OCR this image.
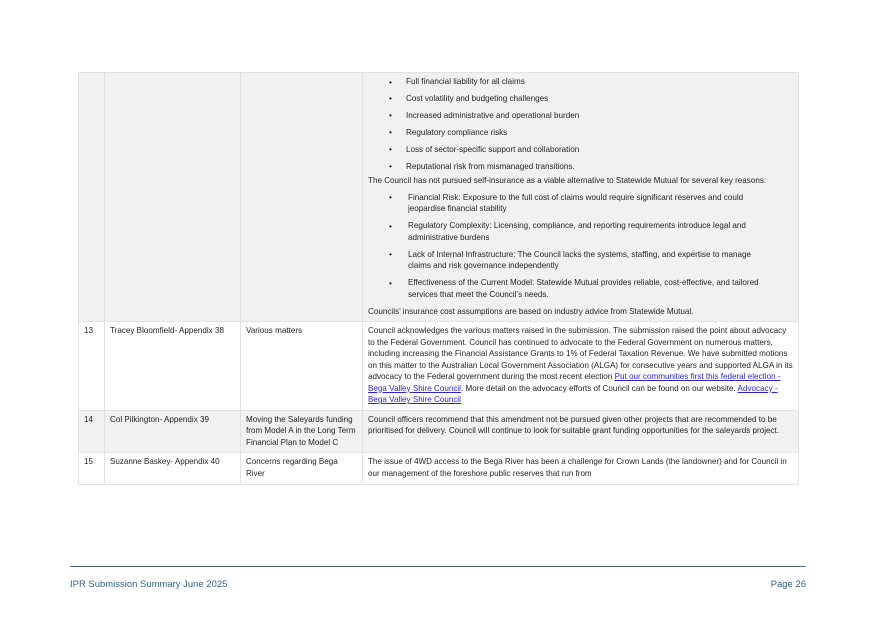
• Full financial liability for all claims
• Cost volatility and budgeting challenges
• Increased administrative and operational burden
• Regulatory compliance risks
• Loss of sector-specific support and collaboration
• Reputational risk from mismanaged transitions.

The Council has not pursued self-insurance as a viable alternative to Statewide Mutual for several key reasons:

• Financial Risk: Exposure to the full cost of claims would require significant reserves and could jeopardise financial stability
• Regulatory Complexity: Licensing, compliance, and reporting requirements introduce legal and administrative burdens
• Lack of Internal Infrastructure: The Council lacks the systems, staffing, and expertise to manage claims and risk governance independently
• Effectiveness of the Current Model: Statewide Mutual provides reliable, cost-effective, and tailored services that meet the Council’s needs.

Councils’ insurance cost assumptions are based on industry advice from Statewide Mutual.

13	Tracey Bloomfield- Appendix 38	Various matters	Council acknowledges the various matters raised in the submission. The submission raised the point about advocacy to the Federal Government. Council has continued to advocate to the Federal Government on numerous matters, including increasing the Financial Assistance Grants to 1% of Federal Taxation Revenue. We have submitted motions on this matter to the Australian Local Government Association (ALGA) for consecutive years and supported ALGA in its advocacy to the Federal government during the most recent election Put our communities first this federal election - Bega Valley Shire Council. More detail on the advocacy efforts of Council can be found on our website. Advocacy - Bega Valley Shire Council

14	Col Pilkington- Appendix 39	Moving the Saleyards funding from Model A in the Long Term Financial Plan to Model C	Council officers recommend that this amendment not be pursued given other projects that are recommended to be prioritised for delivery. Council will continue to look for suitable grant funding opportunities for the saleyards project.

15	Suzanne Baskey- Appendix 40	Concerns regarding Bega River	The issue of 4WD access to the Bega River has been a challenge for Crown Lands (the landowner) and for Council in our management of the foreshore public reserves that run from

IPR Submission Summary June 2025	Page 26
